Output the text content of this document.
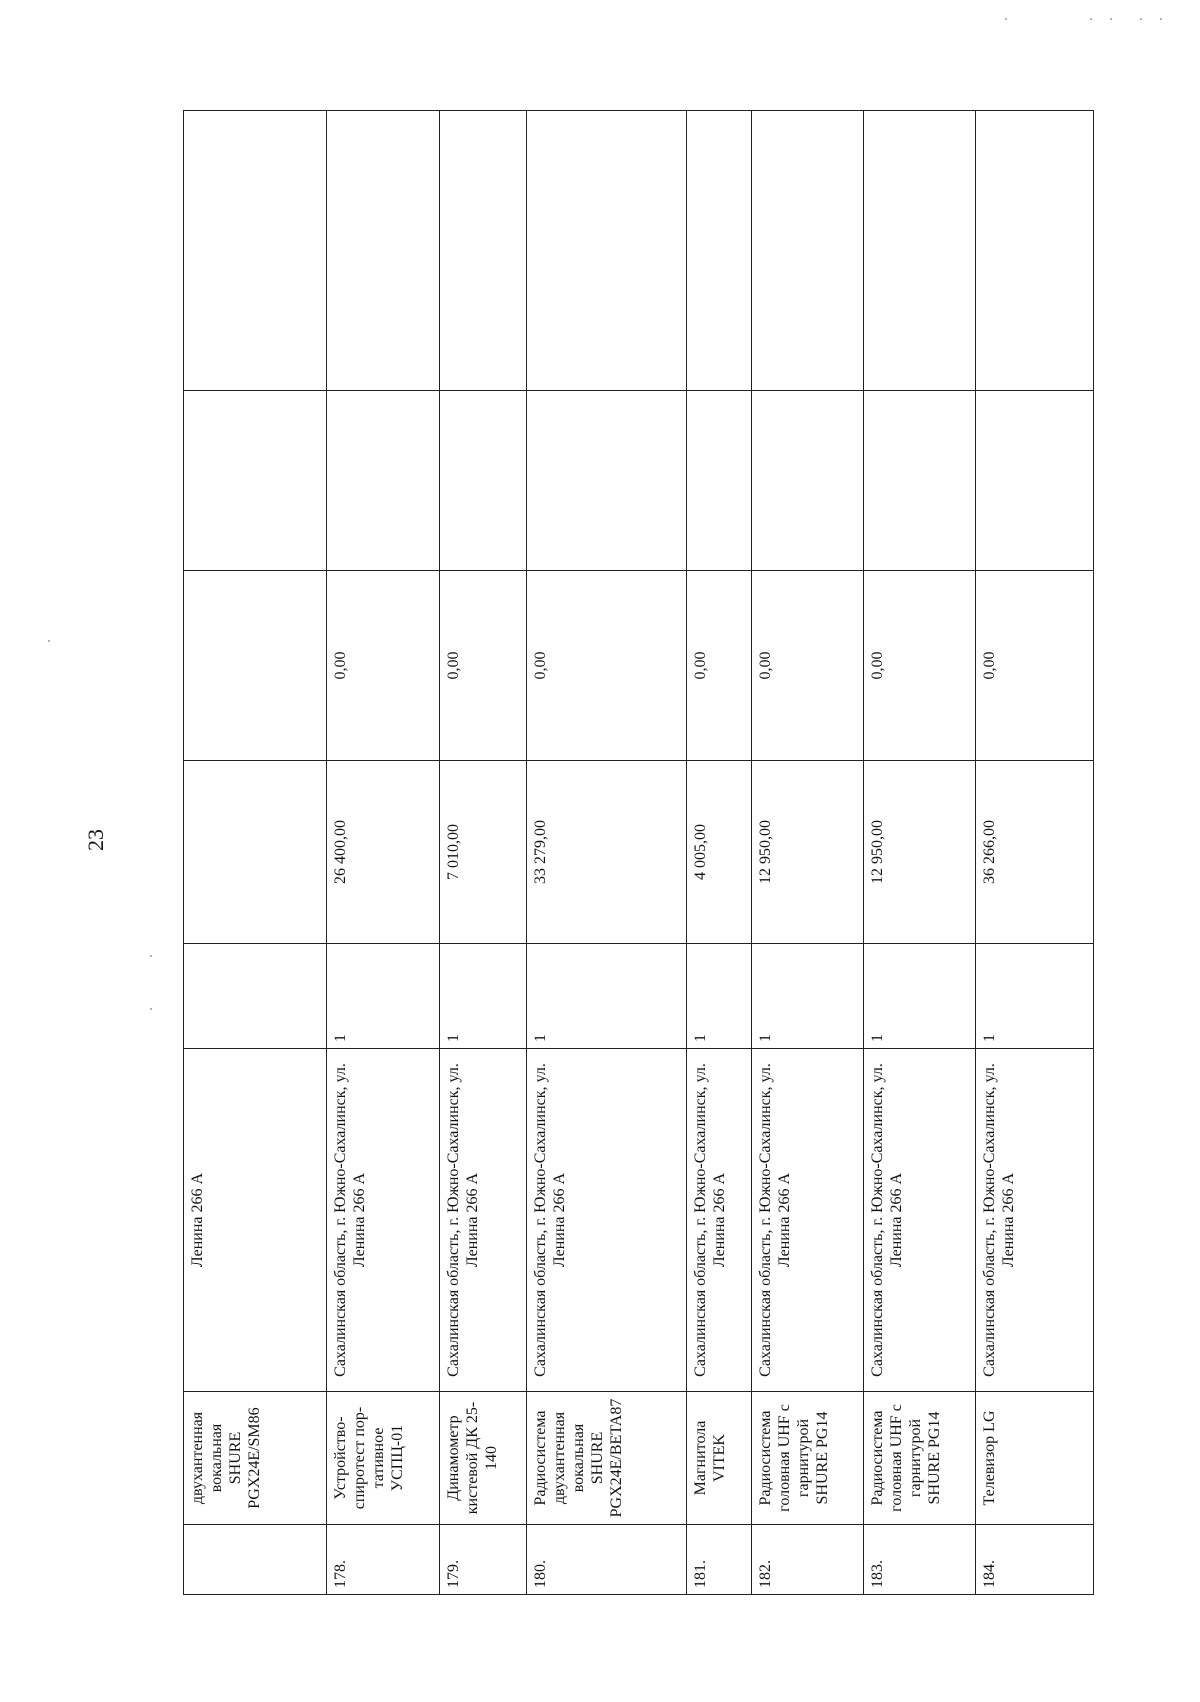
23
	двухантенная вокальная SHURE PGX24E/SM86	Ленина 266 А					
178.	Устройство-спиротест пор-тативное УСПЦ-01	Сахалинская область, г. Южно-Сахалинск, ул. Ленина 266 А	1	26 400,00	0,00		
179.	Динамометр кистевой ДК 25-140	Сахалинская область, г. Южно-Сахалинск, ул. Ленина 266 А	1	7 010,00	0,00		
180.	Радиосистема двухантенная вокальная SHURE PGX24E/BETA87	Сахалинская область, г. Южно-Сахалинск, ул. Ленина 266 А	1	33 279,00	0,00		
181.	Магнитола VITEK	Сахалинская область, г. Южно-Сахалинск, ул. Ленина 266 А	1	4 005,00	0,00		
182.	Радиосистема головная UHF с гарнитурой SHURE PG14	Сахалинская область, г. Южно-Сахалинск, ул. Ленина 266 А	1	12 950,00	0,00		
183.	Радиосистема головная UHF с гарнитурой SHURE PG14	Сахалинская область, г. Южно-Сахалинск, ул. Ленина 266 А	1	12 950,00	0,00		
184.	Телевизор LG	Сахалинская область, г. Южно-Сахалинск, ул. Ленина 266 А	1	36 266,00	0,00		
